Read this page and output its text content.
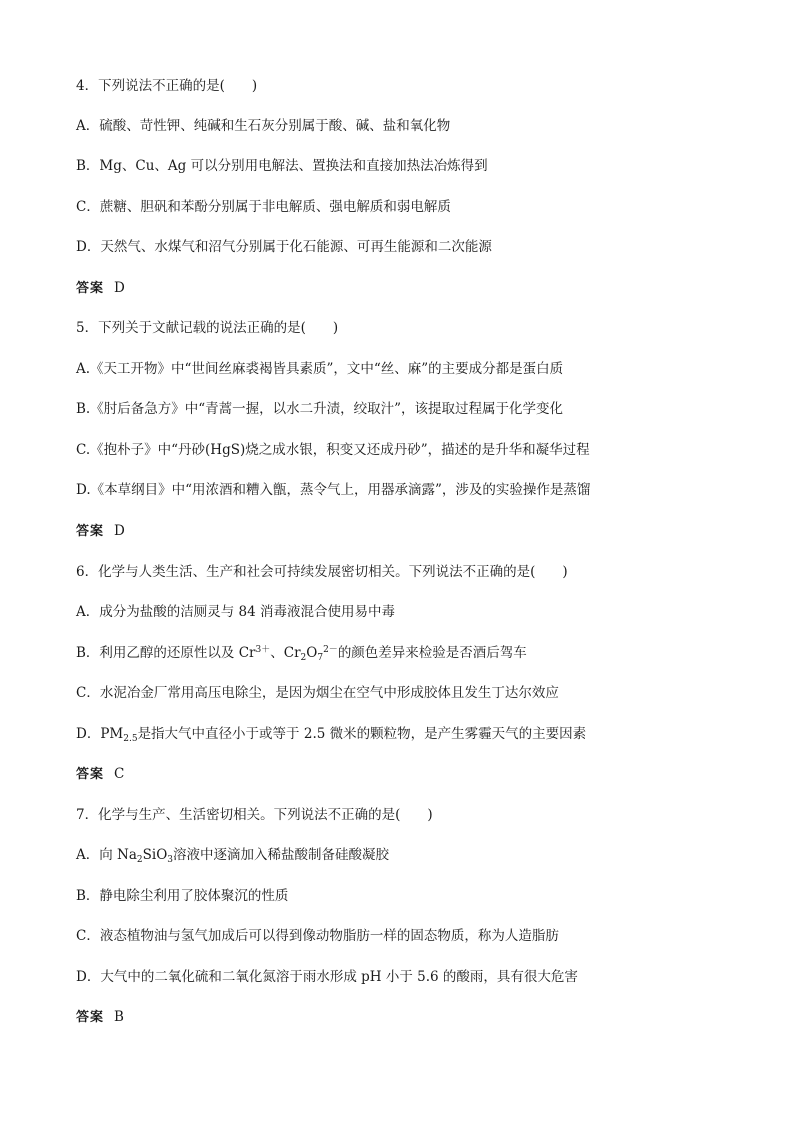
4．下列说法不正确的是(　　)
A．硫酸、苛性钾、纯碱和生石灰分别属于酸、碱、盐和氧化物
B．Mg、Cu、Ag 可以分别用电解法、置换法和直接加热法冶炼得到
C．蔗糖、胆矾和苯酚分别属于非电解质、强电解质和弱电解质
D．天然气、水煤气和沼气分别属于化石能源、可再生能源和二次能源
答案 D
5．下列关于文献记载的说法正确的是(　　)
A.《天工开物》中“世间丝麻裘褐皆具素质”，文中“丝、麻”的主要成分都是蛋白质
B.《肘后备急方》中“青蒿一握，以水二升渍，绞取汁”，该提取过程属于化学变化
C.《抱朴子》中“丹砂(HgS)烧之成水银，积变又还成丹砂”，描述的是升华和凝华过程
D.《本草纲目》中“用浓酒和糟入甑，蒸令气上，用器承滴露”，涉及的实验操作是蒸馏
答案 D
6．化学与人类生活、生产和社会可持续发展密切相关。下列说法不正确的是(　　)
A．成分为盐酸的洁厕灵与 84 消毒液混合使用易中毒
B．利用乙醇的还原性以及 $Cr^{3+}$、$Cr_2O_7^{2-}$的颜色差异来检验是否酒后驾车
C．水泥冶金厂常用高压电除尘，是因为烟尘在空气中形成胶体且发生丁达尔效应
D．$PM_{2.5}$是指大气中直径小于或等于 2.5 微米的颗粒物，是产生雾霾天气的主要因素
答案 C
7．化学与生产、生活密切相关。下列说法不正确的是(　　)
A．向 $Na_2SiO_3$溶液中逐滴加入稀盐酸制备硅酸凝胶
B．静电除尘利用了胶体聚沉的性质
C．液态植物油与氢气加成后可以得到像动物脂肪一样的固态物质，称为人造脂肪
D．大气中的二氧化硫和二氧化氮溶于雨水形成 pH 小于 5.6 的酸雨，具有很大危害
答案 B
